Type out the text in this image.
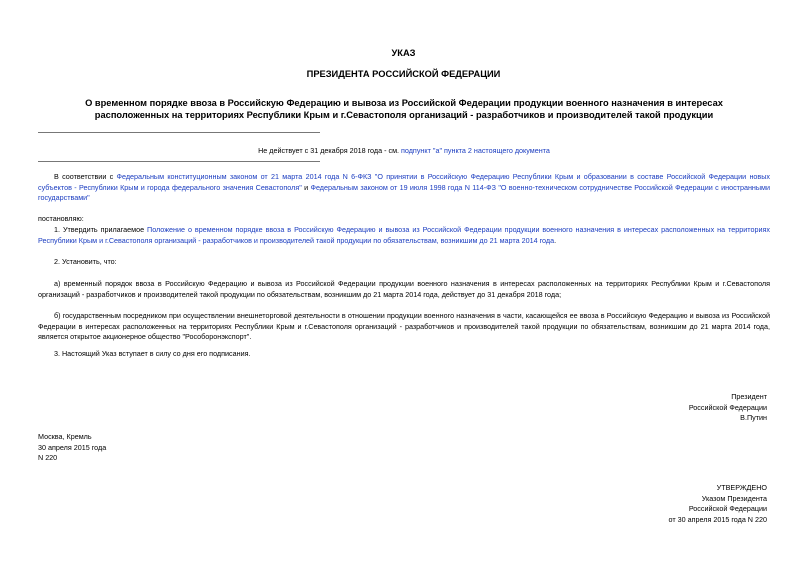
УКАЗ
ПРЕЗИДЕНТА РОССИЙСКОЙ ФЕДЕРАЦИИ
О временном порядке ввоза в Российскую Федерацию и вывоза из Российской Федерации продукции военного назначения в интересах расположенных на территориях Республики Крым и г.Севастополя организаций - разработчиков и производителей такой продукции
Не действует с 31 декабря 2018 года - см. подпункт "а" пункта 2 настоящего документа
В соответствии с Федеральным конституционным законом от 21 марта 2014 года N 6-ФКЗ "О принятии в Российскую Федерацию Республики Крым и образовании в составе Российской Федерации новых субъектов - Республики Крым и города федерального значения Севастополя" и Федеральным законом от 19 июля 1998 года N 114-ФЗ "О военно-техническом сотрудничестве Российской Федерации с иностранными государствами"
постановляю:
1. Утвердить прилагаемое Положение о временном порядке ввоза в Российскую Федерацию и вывоза из Российской Федерации продукции военного назначения в интересах расположенных на территориях Республики Крым и г.Севастополя организаций - разработчиков и производителей такой продукции по обязательствам, возникшим до 21 марта 2014 года.
2. Установить, что:
а) временный порядок ввоза в Российскую Федерацию и вывоза из Российской Федерации продукции военного назначения в интересах расположенных на территориях Республики Крым и г.Севастополя организаций - разработчиков и производителей такой продукции по обязательствам, возникшим до 21 марта 2014 года, действует до 31 декабря 2018 года;
б) государственным посредником при осуществлении внешнеторговой деятельности в отношении продукции военного назначения в части, касающейся ее ввоза в Российскую Федерацию и вывоза из Российской Федерации в интересах расположенных на территориях Республики Крым и г.Севастополя организаций - разработчиков и производителей такой продукции по обязательствам, возникшим до 21 марта 2014 года, является открытое акционерное общество "Рособоронэкспорт".
3. Настоящий Указ вступает в силу со дня его подписания.
Президент
Российской Федерации
В.Путин
Москва, Кремль
30 апреля 2015 года
N 220
УТВЕРЖДЕНО
Указом Президента
Российской Федерации
от 30 апреля 2015 года N 220
